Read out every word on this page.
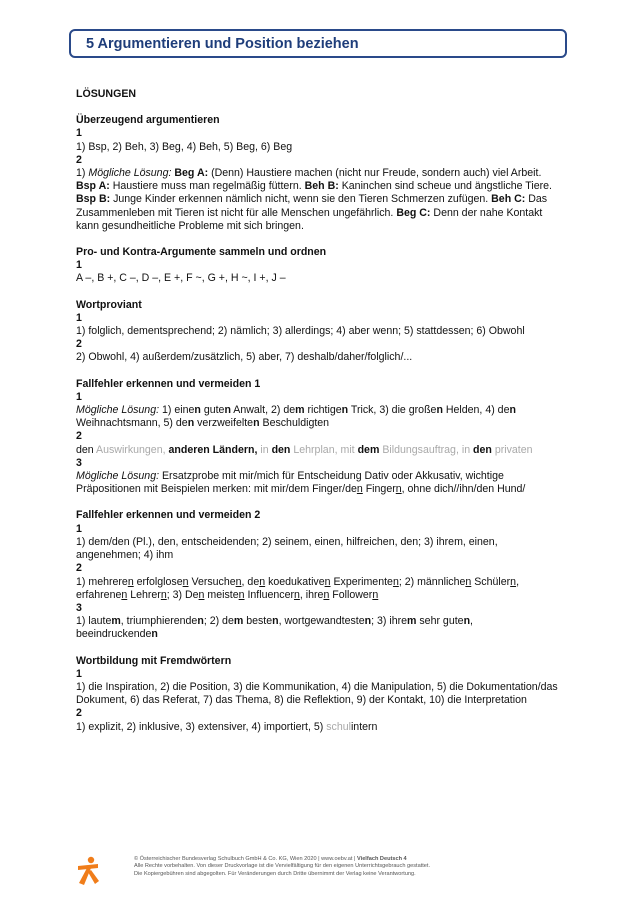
5 Argumentieren und Position beziehen

LÖSUNGEN

Überzeugend argumentieren

1

1) Bsp, 2) Beh, 3) Beg, 4) Beh, 5) Beg, 6) Beg

2

1) Mögliche Lösung: Beg A: (Denn) Haustiere machen (nicht nur Freude, sondern auch) viel Arbeit.

Bsp A: Haustiere muss man regelmäßig füttern. Beh B: Kaninchen sind scheue und ängstliche Tiere.

Bsp B: Junge Kinder erkennen nämlich nicht, wenn sie den Tieren Schmerzen zufügen. Beh C: Das

Zusammenleben mit Tieren ist nicht für alle Menschen ungefährlich. Beg C: Denn der nahe Kontakt

kann gesundheitliche Probleme mit sich bringen.

Pro- und Kontra-Argumente sammeln und ordnen

1

A –, B +, C –, D –, E +, F ~, G +, H ~, I +, J –

Wortproviant

1

1) folglich, dementsprechend; 2) nämlich; 3) allerdings; 4) aber wenn; 5) stattdessen; 6) Obwohl

2

2) Obwohl, 4) außerdem/zusätzlich, 5) aber, 7) deshalb/daher/folglich/...

Fallfehler erkennen und vermeiden 1

1

Mögliche Lösung: 1) einen guten Anwalt, 2) dem richtigen Trick, 3) die großen Helden, 4) den

Weihnachtsmann, 5) den verzweifelten Beschuldigten

2

den Auswirkungen, anderen Ländern, in den Lehrplan, mit dem Bildungsauftrag, in den privaten

3

Mögliche Lösung: Ersatzprobe mit mir/mich für Entscheidung Dativ oder Akkusativ, wichtige

Präpositionen mit Beispielen merken: mit mir/dem Finger/den Fingern, ohne dich//ihn/den Hund/

Fallfehler erkennen und vermeiden 2

1

1) dem/den (Pl.), den, entscheidenden; 2) seinem, einen, hilfreichen, den; 3) ihrem, einen,

angenehmen; 4) ihm

2

1) mehreren erfolglosen Versuchen, den koedukativen Experimenten; 2) männlichen Schülern,

erfahrenen Lehrern; 3) Den meisten Influencern, ihren Followern

3

1) lautem, triumphierenden; 2) dem besten, wortgewandtesten; 3) ihrem sehr guten,

beeindruckenden

Wortbildung mit Fremdwörtern

1

1) die Inspiration, 2) die Position, 3) die Kommunikation, 4) die Manipulation, 5) die Dokumentation/das

Dokument, 6) das Referat, 7) das Thema, 8) die Reflektion, 9) der Kontakt, 10) die Interpretation

2

1) explizit, 2) inklusive, 3) extensiver, 4) importiert, 5) schulintern

© Österreichischer Bundesverlag Schulbuch GmbH & Co. KG, Wien 2020 | www.oebv.at | Vielfach Deutsch 4
Alle Rechte vorbehalten. Von dieser Druckvorlage ist die Vervielfältigung für den eigenen Unterrichtsgebrauch gestattet.
Die Kopiergebühren sind abgegolten. Für Veränderungen durch Dritte übernimmt der Verlag keine Verantwortung.
